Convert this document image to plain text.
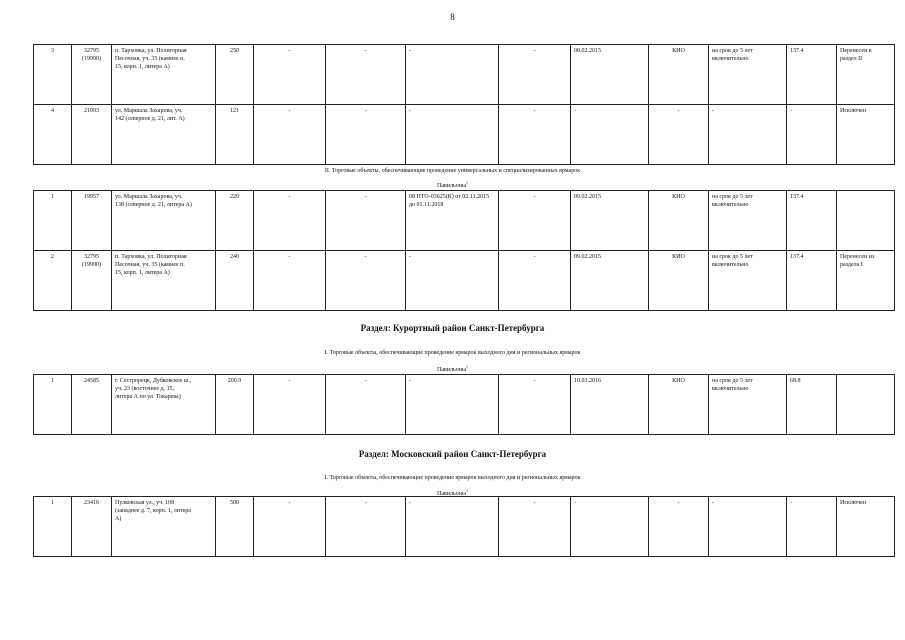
8
3	32795
(19990)	п. Тарховка, ул. Полигорная
Песочная, уч. 35 (камнее п.
15, корп. 1, литера А)	250	-	-	-	-	08.02.2015	КИО	на срок до 5 лет
включительно	137.4	Перенесен в
раздел II
4	21093	ул. Маршала Захарова, уч.
142 (северное д. 21, лит. А)	121	-	-	-	-	-	-	-	-	Исключен
II. Торговые объекты, обеспечивающие проведение универсальных и специализированных ярмарок
Павильоны$^1$
1	19957	ул. Маршала Захарова, уч.
138 (северное д. 21, литера А)	220	-	-	08 НТО-03625(К) от 02.11.2015
до 01.11.2018	-	09.02.2015	КИО	на срок до 5 лет
включительно	137.4	
2	32795
(19990)	п. Тарховка, ул. Полигорная
Песочная, уч. 35 (камнее п.
15, корп. 1, литера А)	240	-	-	-	-	09.02.2015	КИО	на срок до 5 лет
включительно	137.4	Перенесен из
раздела I
Раздел: Курортный район Санкт-Петербурга
I. Торговые объекты, обеспечивающие проведение ярмарок выходного дня и региональных ярмарок
Павильоны$^1$
1	24585	г. Сестрорецк, Дубковское ш.,
уч. 23 (восточнее д. 15,
литера А по ул. Токарева)	200.9	-	-	-	-	10.03.2016	КИО	на срок до 5 лет
включительно	68.8	
Раздел: Московский район Санкт-Петербурга
I. Торговые объекты, обеспечивающие проведение ярмарок выходного дня и региональных ярмарок
Павильоны$^1$
1	23416	Пулковская ул., уч. 108
(западнее д. 7, корп. 1, литера
А)	500	-	-	-	-	-	-	-	-	Исключен
